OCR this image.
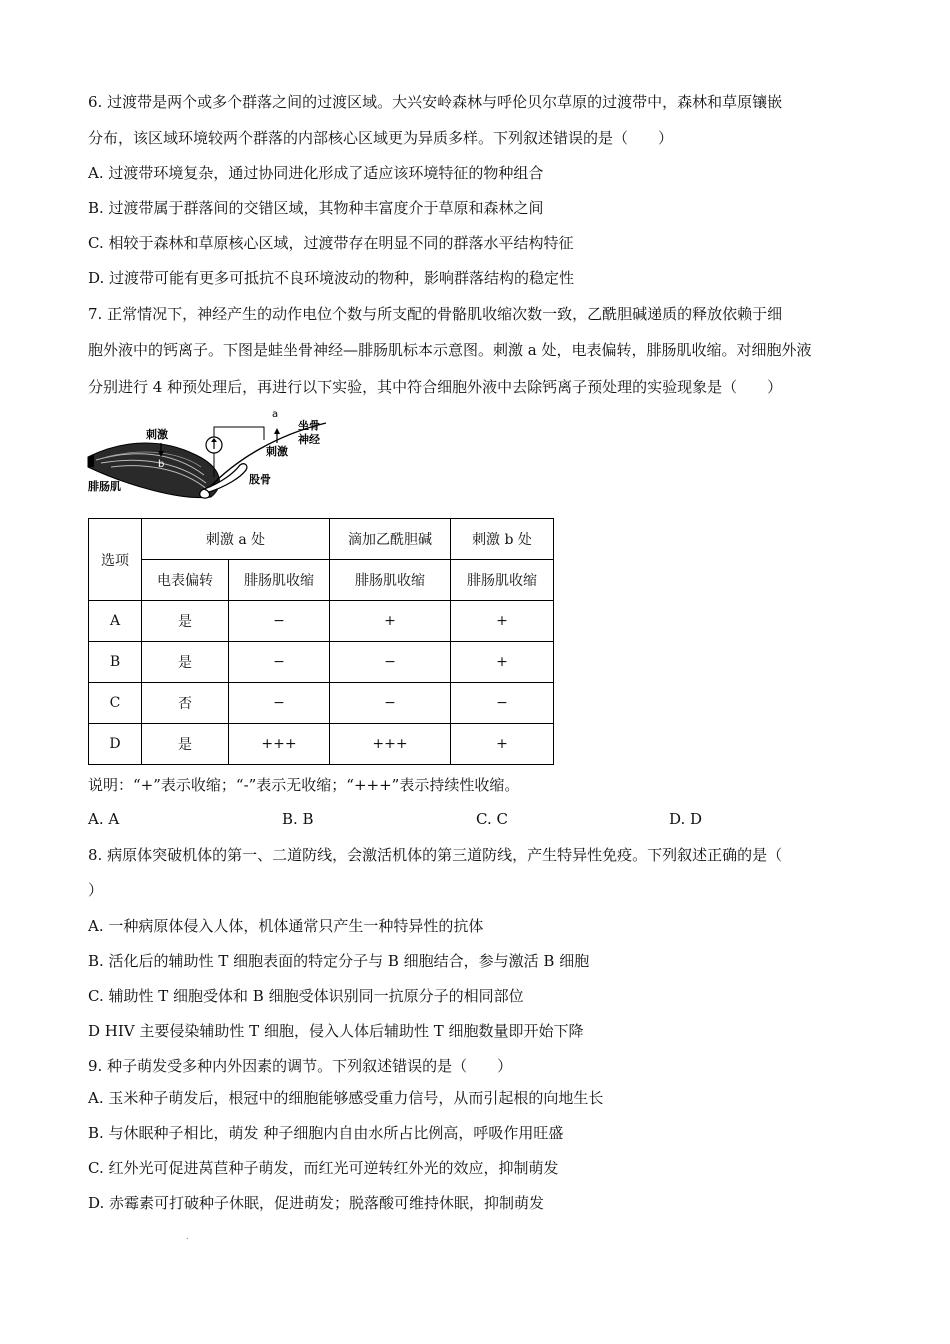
6. 过渡带是两个或多个群落之间的过渡区域。大兴安岭森林与呼伦贝尔草原的过渡带中，森林和草原镶嵌
分布，该区域环境较两个群落的内部核心区域更为异质多样。下列叙述错误的是（　　）
A. 过渡带环境复杂，通过协同进化形成了适应该环境特征的物种组合
B. 过渡带属于群落间的交错区域，其物种丰富度介于草原和森林之间
C. 相较于森林和草原核心区域，过渡带存在明显不同的群落水平结构特征
D. 过渡带可能有更多可抵抗不良环境波动的物种，影响群落结构的稳定性
7. 正常情况下，神经产生的动作电位个数与所支配的骨骼肌收缩次数一致，乙酰胆碱递质的释放依赖于细
胞外液中的钙离子。下图是蛙坐骨神经—腓肠肌标本示意图。刺激 a 处，电表偏转，腓肠肌收缩。对细胞外液
分别进行 4 种预处理后，再进行以下实验，其中符合细胞外液中去除钙离子预处理的实验现象是（　　）
a
b
刺激
刺激
坐骨
神经
股骨
腓肠肌
选项	刺激 a 处		滴加乙酰胆碱	刺激 b 处
	电表偏转	腓肠肌收缩	腓肠肌收缩	腓肠肌收缩
A	是	−	+	+
B	是	−	−	+
C	否	−	−	−
D	是	+++	+++	+
说明：“+”表示收缩；“-”表示无收缩；“+++”表示持续性收缩。
A. A	B. B	C. C	D. D
8. 病原体突破机体的第一、二道防线，会激活机体的第三道防线，产生特异性免疫。下列叙述正确的是（
）
A. 一种病原体侵入人体，机体通常只产生一种特异性的抗体
B. 活化后的辅助性 T 细胞表面的特定分子与 B 细胞结合，参与激活 B 细胞
C. 辅助性 T 细胞受体和 B 细胞受体识别同一抗原分子的相同部位
D HIV 主要侵染辅助性 T 细胞，侵入人体后辅助性 T 细胞数量即开始下降
9. 种子萌发受多种内外因素的调节。下列叙述错误的是（　　）
A. 玉米种子萌发后，根冠中的细胞能够感受重力信号，从而引起根的向地生长
B. 与休眠种子相比，萌发 种子细胞内自由水所占比例高，呼吸作用旺盛
C. 红外光可促进莴苣种子萌发，而红光可逆转红外光的效应，抑制萌发
D. 赤霉素可打破种子休眠，促进萌发；脱落酸可维持休眠，抑制萌发
.
